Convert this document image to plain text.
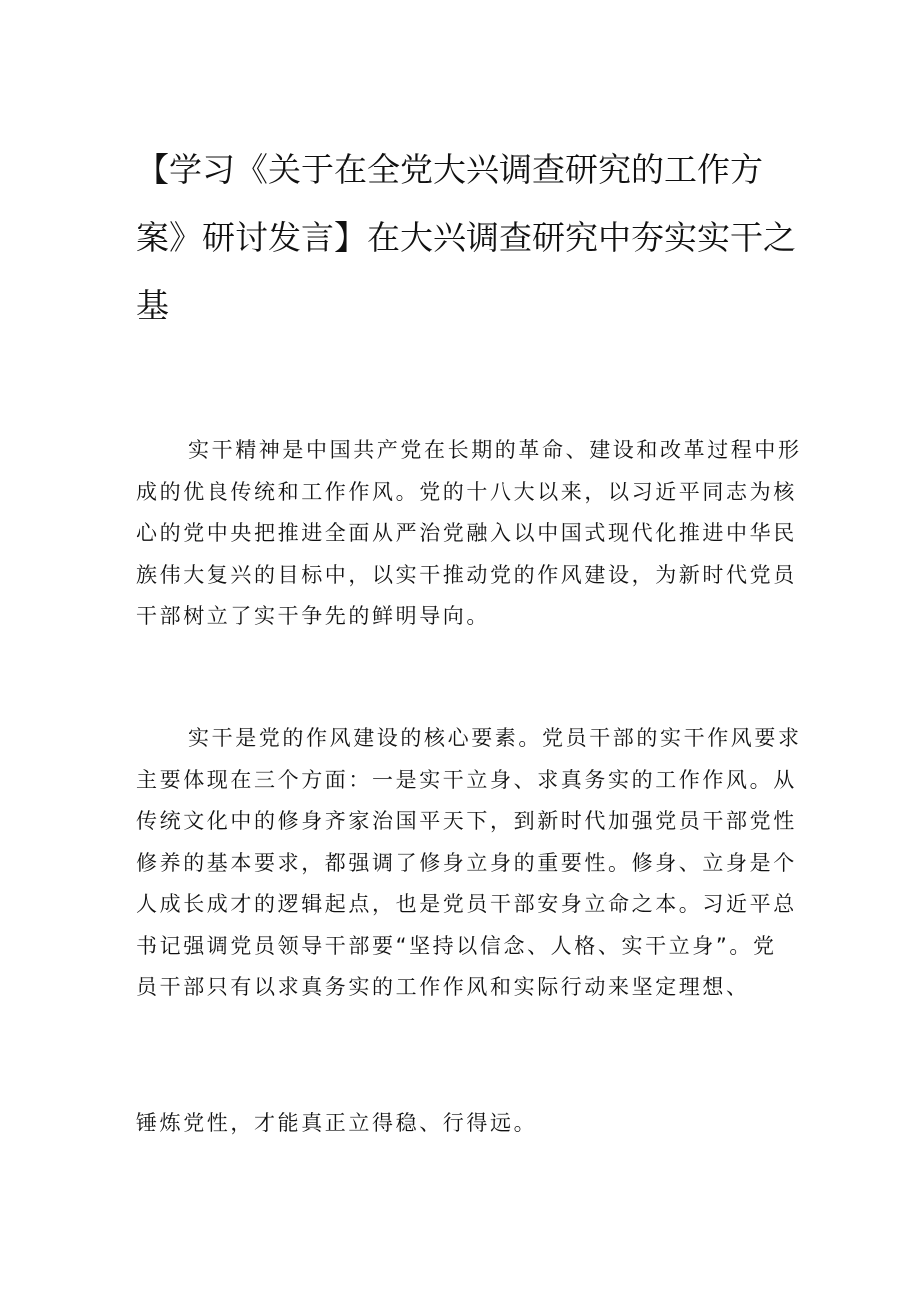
【学习《关于在全党大兴调查研究的工作方
案》研讨发言】在大兴调查研究中夯实实干之
基

实干精神是中国共产党在长期的革命、建设和改革过程中形
成的优良传统和工作作风。党的十八大以来，以习近平同志为核
心的党中央把推进全面从严治党融入以中国式现代化推进中华民
族伟大复兴的目标中，以实干推动党的作风建设，为新时代党员
干部树立了实干争先的鲜明导向。

实干是党的作风建设的核心要素。党员干部的实干作风要求
主要体现在三个方面：一是实干立身、求真务实的工作作风。从
传统文化中的修身齐家治国平天下，到新时代加强党员干部党性
修养的基本要求，都强调了修身立身的重要性。修身、立身是个
人成长成才的逻辑起点，也是党员干部安身立命之本。习近平总
书记强调党员领导干部要“坚持以信念、人格、实干立身”。党
员干部只有以求真务实的工作作风和实际行动来坚定理想、

锤炼党性，才能真正立得稳、行得远。
